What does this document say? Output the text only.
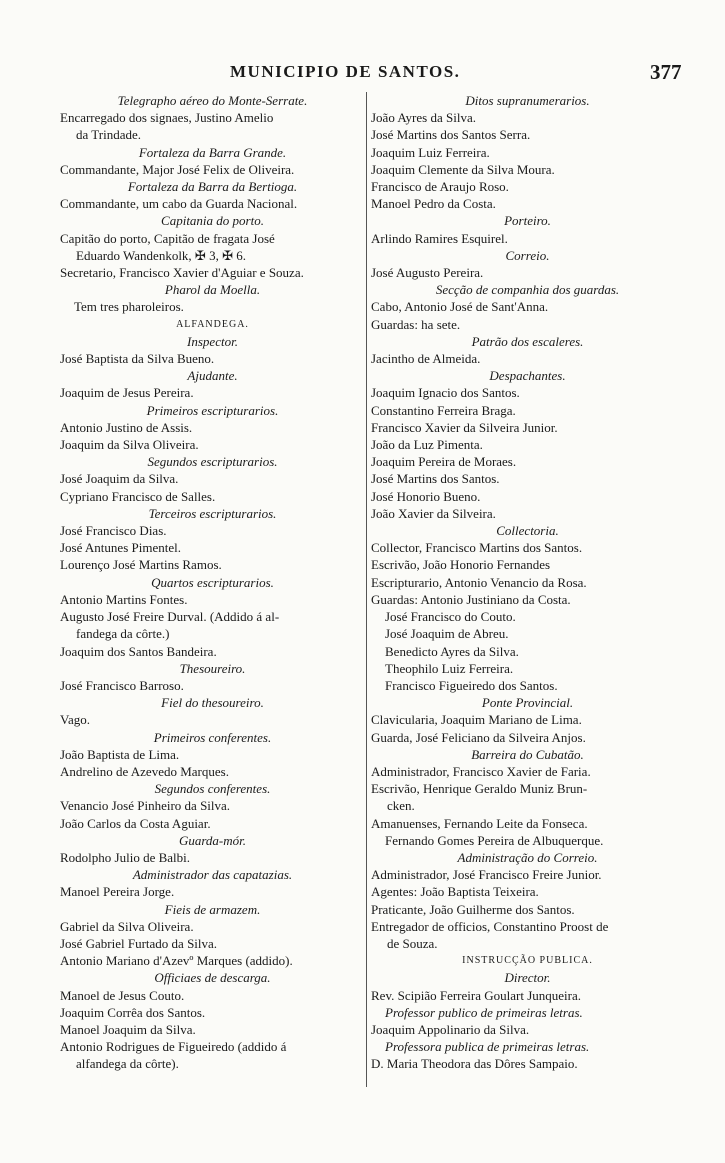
MUNICIPIO DE SANTOS.	377
Telegrapho aéreo do Monte-Serrate.
Encarregado dos signaes, Justino Amelio
da Trindade.
Fortaleza da Barra Grande.
Commandante, Major José Felix de Oliveira.
Fortaleza da Barra da Bertioga.
Commandante, um cabo da Guarda Nacional.
Capitania do porto.
Capitão do porto, Capitão de fragata José
Eduardo Wandenkolk, ✠ 3, ✠ 6.
Secretario, Francisco Xavier d'Aguiar e Souza.
Pharol da Moella.
Tem tres pharoleiros.
ALFANDEGA.
Inspector.
José Baptista da Silva Bueno.
Ajudante.
Joaquim de Jesus Pereira.
Primeiros escripturarios.
Antonio Justino de Assis.
Joaquim da Silva Oliveira.
Segundos escripturarios.
José Joaquim da Silva.
Cypriano Francisco de Salles.
Terceiros escripturarios.
José Francisco Dias.
José Antunes Pimentel.
Lourenço José Martins Ramos.
Quartos escripturarios.
Antonio Martins Fontes.
Augusto José Freire Durval. (Addido á al-
fandega da côrte.)
Joaquim dos Santos Bandeira.
Thesoureiro.
José Francisco Barroso.
Fiel do thesoureiro.
Vago.
Primeiros conferentes.
João Baptista de Lima.
Andrelino de Azevedo Marques.
Segundos conferentes.
Venancio José Pinheiro da Silva.
João Carlos da Costa Aguiar.
Guarda-mór.
Rodolpho Julio de Balbi.
Administrador das capatazias.
Manoel Pereira Jorge.
Fieis de armazem.
Gabriel da Silva Oliveira.
José Gabriel Furtado da Silva.
Antonio Mariano d'Azevº Marques (addido).
Officiaes de descarga.
Manoel de Jesus Couto.
Joaquim Corrêa dos Santos.
Manoel Joaquim da Silva.
Antonio Rodrigues de Figueiredo (addido á
alfandega da côrte).
Ditos supranumerarios.
João Ayres da Silva.
José Martins dos Santos Serra.
Joaquim Luiz Ferreira.
Joaquim Clemente da Silva Moura.
Francisco de Araujo Roso.
Manoel Pedro da Costa.
Porteiro.
Arlindo Ramires Esquirel.
Correio.
José Augusto Pereira.
Secção de companhia dos guardas.
Cabo, Antonio José de Sant'Anna.
Guardas: ha sete.
Patrão dos escaleres.
Jacintho de Almeida.
Despachantes.
Joaquim Ignacio dos Santos.
Constantino Ferreira Braga.
Francisco Xavier da Silveira Junior.
João da Luz Pimenta.
Joaquim Pereira de Moraes.
José Martins dos Santos.
José Honorio Bueno.
João Xavier da Silveira.
Collectoria.
Collector, Francisco Martins dos Santos.
Escrivão, João Honorio Fernandes
Escripturario, Antonio Venancio da Rosa.
Guardas: Antonio Justiniano da Costa.
José Francisco do Couto.
José Joaquim de Abreu.
Benedicto Ayres da Silva.
Theophilo Luiz Ferreira.
Francisco Figueiredo dos Santos.
Ponte Provincial.
Clavicularia, Joaquim Mariano de Lima.
Guarda, José Feliciano da Silveira Anjos.
Barreira do Cubatão.
Administrador, Francisco Xavier de Faria.
Escrivão, Henrique Geraldo Muniz Brun-
cken.
Amanuenses, Fernando Leite da Fonseca.
Fernando Gomes Pereira de Albuquerque.
Administração do Correio.
Administrador, José Francisco Freire Junior.
Agentes: João Baptista Teixeira.
Praticante, João Guilherme dos Santos.
Entregador de officios, Constantino Proost de
de Souza.
INSTRUCÇÃO PUBLICA.
Director.
Rev. Scipião Ferreira Goulart Junqueira.
Professor publico de primeiras letras.
Joaquim Appolinario da Silva.
Professora publica de primeiras letras.
D. Maria Theodora das Dôres Sampaio.
